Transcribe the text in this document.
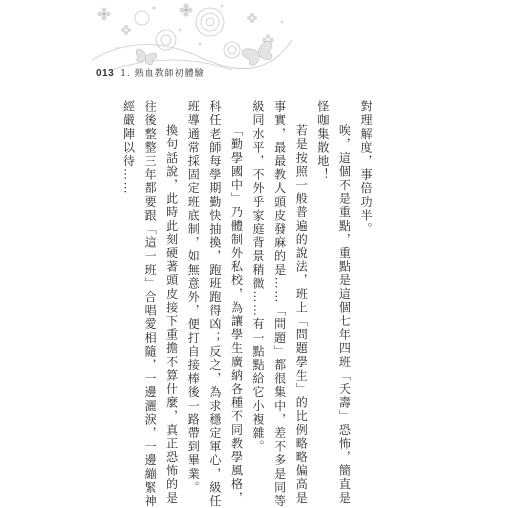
013 1. 熱血教師初體驗

對理解度，事倍功半。

唉，這個不是重點，重點是這個七年四班「夭壽」恐怖，簡直是

怪咖集散地！

若是按照一般普遍的說法，班上「問題學生」的比例略略偏高是

事實，最最教人頭皮發麻的是……「問題」都很集中，差不多是同等

級同水平，不外乎家庭背景稍微……有一點點給它小複雜。

「勤學國中」乃體制外私校，為讓學生廣納各種不同教學風格，

科任老師每學期勤快抽換，跑班跑得凶；反之，為求穩定軍心，級任

班導通常採固定班底制，如無意外，便打自接棒後一路帶到畢業。

換句話說，此時此刻硬著頭皮接下重擔不算什麼，真正恐怖的是

往後整整三年都要跟「這一班」合唱愛相隨，一邊灑淚，一邊繃緊神

經嚴陣以待……
